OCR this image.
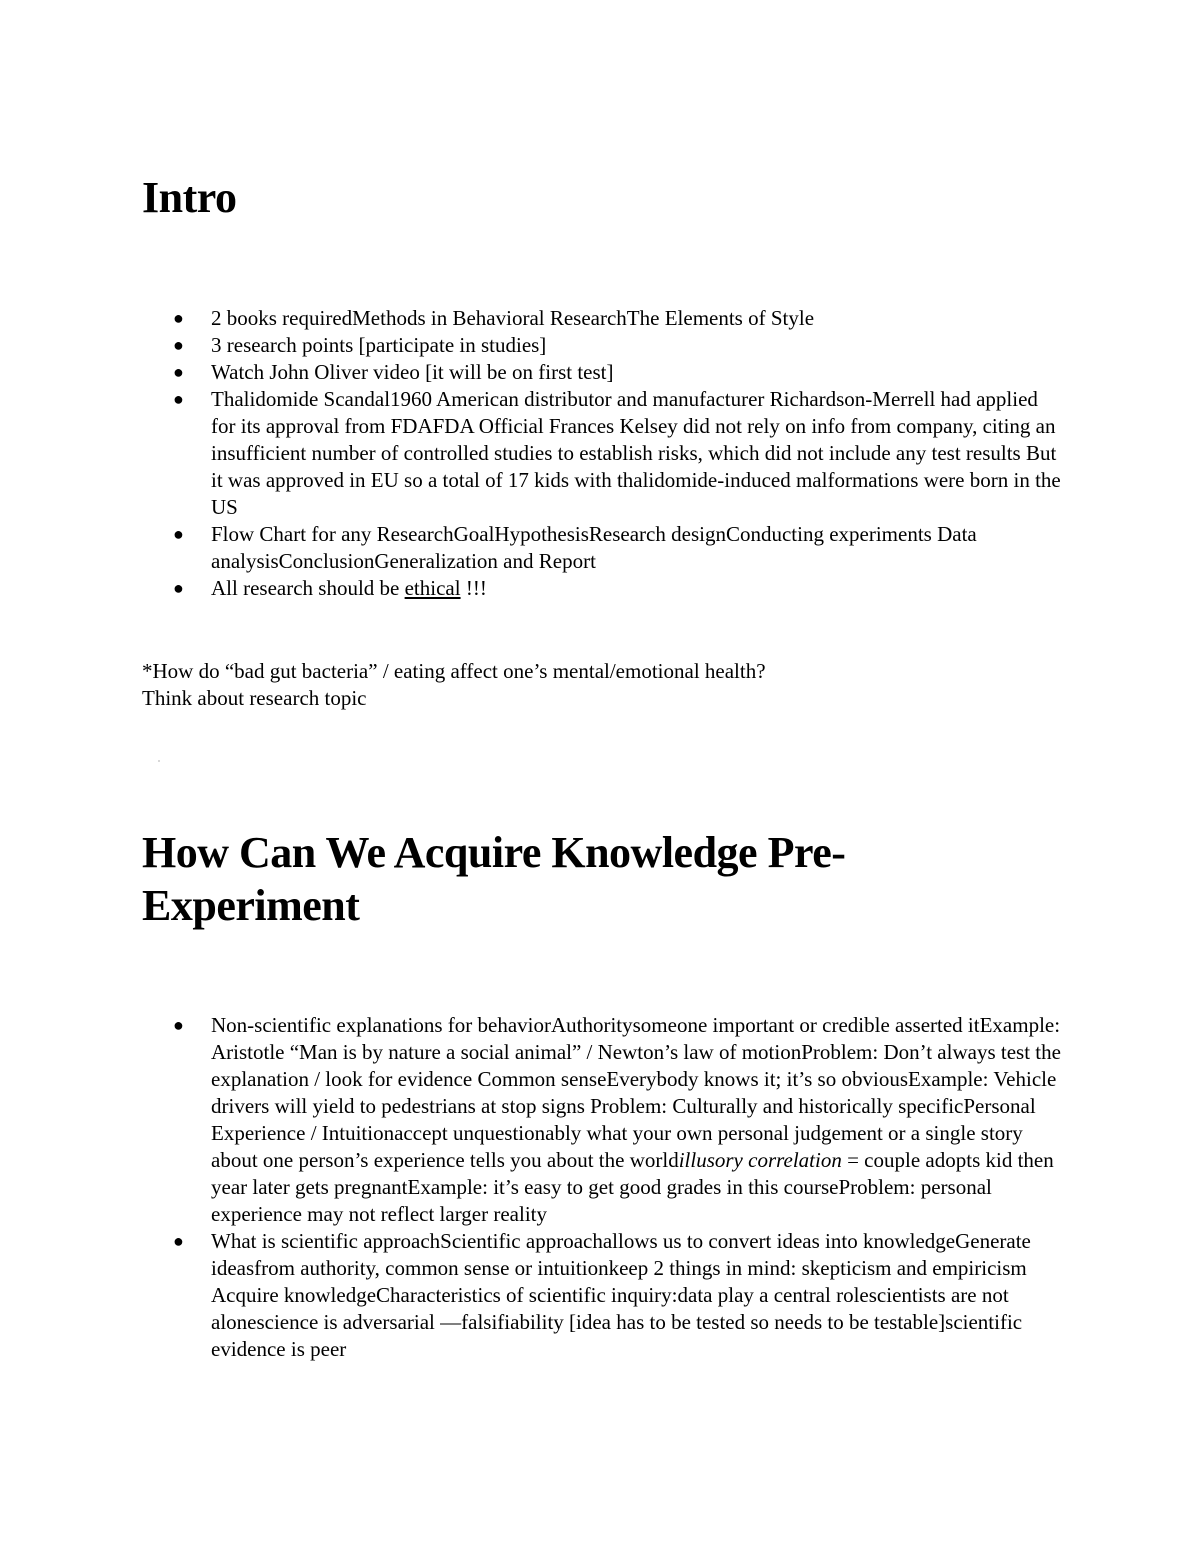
Intro
● 2 books requiredMethods in Behavioral ResearchThe Elements of Style
● 3 research points [participate in studies]
● Watch John Oliver video [it will be on first test]
● Thalidomide Scandal1960 American distributor and manufacturer Richardson-Merrell had applied for its approval from FDAFDA Official Frances Kelsey did not rely on info from company, citing an insufficient number of controlled studies to establish risks, which did not include any test results But it was approved in EU so a total of 17 kids with thalidomide-induced malformations were born in the US
● Flow Chart for any ResearchGoalHypothesisResearch designConducting experiments Data analysisConclusionGeneralization and Report
● All research should be ethical !!!

*How do “bad gut bacteria” / eating affect one’s mental/emotional health?

Think about research topic

How Can We Acquire Knowledge Pre-Experiment
● Non-scientific explanations for behaviorAuthoritysomeone important or credible asserted itExample: Aristotle “Man is by nature a social animal” / Newton’s law of motionProblem: Don’t always test the explanation / look for evidence Common senseEverybody knows it; it’s so obviousExample: Vehicle drivers will yield to pedestrians at stop signs Problem: Culturally and historically specificPersonal Experience / Intuitionaccept unquestionably what your own personal judgement or a single story about one person’s experience tells you about the worldillusory correlation = couple adopts kid then year later gets pregnantExample: it’s easy to get good grades in this courseProblem: personal experience may not reflect larger reality
● What is scientific approachScientific approachallows us to convert ideas into knowledgeGenerate ideasfrom authority, common sense or intuitionkeep 2 things in mind: skepticism and empiricism Acquire knowledgeCharacteristics of scientific inquiry:data play a central rolescientists are not alonescience is adversarial —falsifiability [idea has to be tested so needs to be testable]scientific evidence is peer
